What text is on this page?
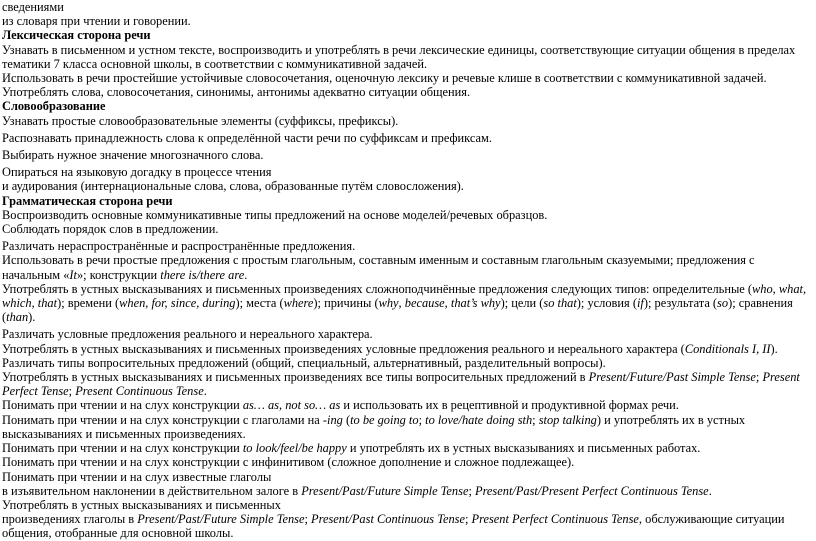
сведениями

из словаря при чтении и говорении.

Лексическая сторона речи

Узнавать в письменном и устном тексте, воспроизводить и употреблять в речи лексические единицы, соответствующие ситуации общения в пределах тематики 7 класса основной школы, в соответствии с коммуникативной задачей.

Использовать в речи простейшие устойчивые словосочетания, оценочную лексику и речевые клише в соответствии с коммуникативной задачей.

Употреблять слова, словосочетания, синонимы, антонимы адекватно ситуации общения.

Словообразование

Узнавать простые словообразовательные элементы (суффиксы, префиксы).

Распознавать принадлежность слова к определённой части речи по суффиксам и префиксам.

Выбирать нужное значение многозначного слова.

Опираться на языковую догадку в процессе чтения

и аудирования (интернациональные слова, слова, образованные путём словосложения).

Грамматическая сторона речи

Воспроизводить основные коммуникативные типы предложений на основе моделей/речевых образцов.

Соблюдать порядок слов в предложении.

Различать нераспространённые и распространённые предложения.

Использовать в речи простые предложения с простым глагольным, составным именным и составным глагольным сказуемыми; предложения с начальным «It»; конструкции there is/there are.

Употреблять в устных высказываниях и письменных произведениях сложноподчинённые предложения следующих типов: определительные (who, what, which, that); времени (when, for, since, during); места (where); причины (why, because, that’s why); цели (so that); условия (if); результата (so); сравнения (than).

Различать условные предложения реального и нереального характера.

Употреблять в устных высказываниях и письменных произведениях условные предложения реального и нереального характера (Conditionals I, II).

Различать типы вопросительных предложений (общий, специальный, альтернативный, разделительный вопросы).

Употреблять в устных высказываниях и письменных произведениях все типы вопросительных предложений в Present/Future/Past Simple Tense; Present Perfect Tense; Present Continuous Tense.

Понимать при чтении и на слух конструкции as… as, not so… as и использовать их в рецептивной и продуктивной формах речи.

Понимать при чтении и на слух конструкции с глаголами на -ing (to be going to; to love/hate doing sth; stop talking) и употреблять их в устных высказываниях и письменных произведениях.

Понимать при чтении и на слух конструкции to look/feel/be happy и употреблять их в устных высказываниях и письменных работах.

Понимать при чтении и на слух конструкции с инфинитивом (сложное дополнение и сложное подлежащее).

Понимать при чтении и на слух известные глаголы

в изъявительном наклонении в действительном залоге в Present/Past/Future Simple Tense; Present/Past/Present Perfect Continuous Tense.

Употреблять в устных высказываниях и письменных

произведениях глаголы в Present/Past/Future Simple Tense; Present/Past Continuous Tense; Present Perfect Continuous Tense, обслуживающие ситуации общения, отобранные для основной школы.
